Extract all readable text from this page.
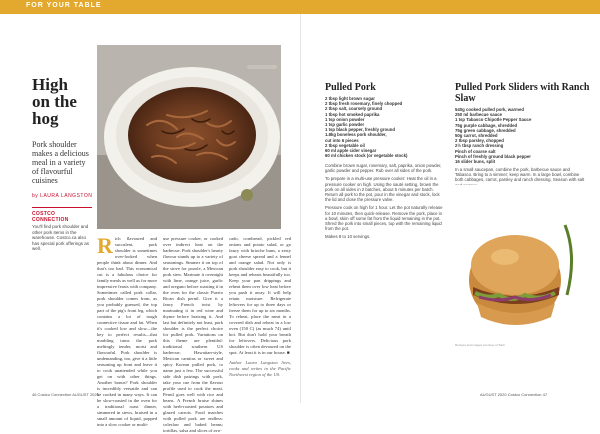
FOR YOUR TABLE
High
on the
hog
Pork shoulder makes a delicious meal in a variety of flavourful cuisines
by LAURA LANGSTON
COSTCO CONNECTION
You'll find pork shoulder and other pork items in the warehouse. Costco.ca also has special pork offerings as well.	Rich flavoured and succulent, pork shoulder is sometimes over-looked when people think about dinner. And that's too bad. This economical cut is a fabulous choice for family meals as well as for more impressive feasts with company. Sometimes called pork collar, pork shoulder comes from, as you probably guessed, the top part of the pig's front leg, which contains a lot of tough connective tissue and fat. When it's cooked low and slow—the key to perfect results—that marbling turns the pork meltingly tender, moist and flavourful. Pork shoulder is undemanding, too, give it a little seasoning up front and leave it to cook unattended while you get on with other things. Another bonus? Pork shoulder is incredibly versatile and can be cooked in many ways. It can be slow-roasted in the oven for a traditional roast dinner, simmered in stews, braised in a small amount of liquid, popped into a slow cooker or multi-
use pressure cooker, or cooked over indirect heat on the barbecue. Pork shoulder's hearty flavour stands up to a variety of seasonings. Simmer it on top of the stove for pozole, a Mexican pork stew. Marinate it overnight with lime, orange juice, garlic and oregano before roasting it in the oven for the classic Puerto Rican dish pernil. Give it a fancy French twist by marinating it in red wine and thyme before braising it. And last but definitely not least, pork shoulder is the perfect choice for pulled pork. Variations on this theme are plentiful: traditional southern US barbecue, Hawaiian-style, Mexican carnitas or sweet and spicy Korean pulled pork, to name just a few. The successful side dish pairings with pork, take your cue from the flavour profile used to cook the meat. Pernil goes well with rice and beans. A French braise shines with herb-roasted potatoes and glazed carrots. Food matches with pulled pork are endless: coleslaw and baked beans; tortillas, salsa and slices of avo-
cado, cornbread, pickled red onions and potato salad, or go fancy with brioche buns, a zesty goat cheese spread and a fennel and orange salad. Not only is pork shoulder easy to cook, but it keeps and reheats beautifully too. Keep your pan drippings and reheat them over low heat before you push it away. It will help retain moisture. Refrigerate leftovers for up to three days or freeze them for up to six months. To reheat, place the meat in a covered dish and reheat in a low oven (150 C) (as much 74) until hot. But don't hold your breath for leftovers. Delicious pork shoulder is often devoured on the spot. At least it is in our house. ■
Author Laura Langston lives, cooks and writes in the Pacific Northwest region of the US.
46 Costco Connection AUGUST 2020
Pulled Pork
2 tbsp light brown sugar
2 tbsp fresh rosemary, finely chopped
2 tbsp salt, coarsely ground
1 tbsp hot smoked paprika
1 tsp onion powder
1 tsp garlic powder
1 tsp black pepper, freshly ground
1.8kg boneless pork shoulder,
cut into 6 pieces
2 tbsp vegetable oil
60 ml apple cider vinegar
60 ml chicken stock (or vegetable stock)

Combine brown sugar, rosemary, salt, paprika, onion powder, garlic powder and pepper. Rub over all sides of the pork.

To prepare in a multi-use pressure cooker: Heat the oil in a pressure cooker on high. Using the sauté setting, brown the pork on all sides in 2 batches, about 5 minutes per batch. Return all pork to the pot, pour in the vinegar and stock, lock the lid and close the pressure valve.

Pressure cook on high for 1 hour. Let the pot naturally release for 10 minutes, then quick-release. Remove the pork, place in a bowl, skim off some fat from the liquid remaining in the pot. Shred the pork into small pieces, top with the remaining liquid from the pot.

Makes 8 to 10 servings.

Pulled Pork Sliders with Ranch Slaw
540g cooked pulled pork, warmed
250 ml barbecue sauce
1 tsp Tabasco Chipotle Pepper Sauce
75g purple cabbage, shredded
75g green cabbage, shredded
50g carrot, shredded
2 tbsp parsley, chopped
2½ tbsp ranch dressing
Pinch of coarse salt
Pinch of freshly ground black pepper
16 slider buns, split

In a small saucepan, combine the pork, barbecue sauce and Tabasco. Bring to a simmer; keep warm. In a large bowl, combine both cabbages, carrot, parsley and ranch dressing. Season with salt

Recipes and images courtesy of Tanti
AUGUST 2020 Costco Connection 47
